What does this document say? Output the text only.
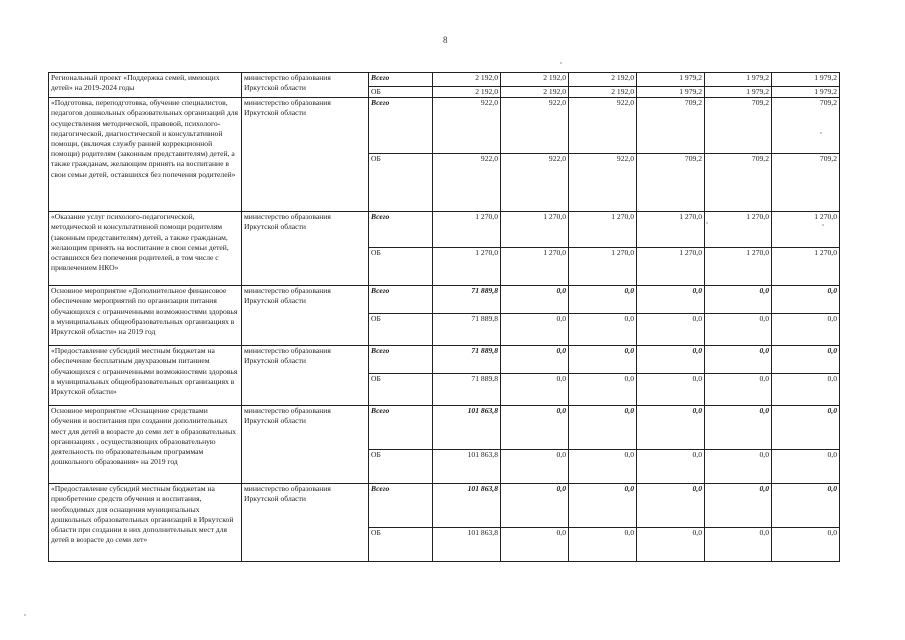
8
Региональный проект «Поддержка семей, имеющих детей» на 2019-2024 годы	министерство образования Иркутской области	Всего	2 192,0	2 192,0	2 192,0	1 979,2	1 979,2	1 979,2
		ОБ	2 192,0	2 192,0	2 192,0	1 979,2	1 979,2	1 979,2
«Подготовка, переподготовка, обучение специалистов, педагогов дошкольных образовательных организаций для осуществления методической, правовой, психолого-педагогической, диагностической и консультативной помощи, (включая службу ранней коррекционной помощи) родителям (законным представителям) детей, а также гражданам, желающим принять на воспитание в свои семьи детей, оставшихся без попечения родителей»	министерство образования Иркутской области	Всего	922,0	922,0	922,0	709,2	709,2	709,2
		ОБ	922,0	922,0	922,0	709,2	709,2	709,2
«Оказание услуг психолого-педагогической, методической и консультативной помощи родителям (законным представителям) детей, а также гражданам, желающим принять на воспитание в свои семьи детей, оставшихся без попечения родителей, в том числе с привлечением НКО»	министерство образования Иркутской области	Всего	1 270,0	1 270,0	1 270,0	1 270,0	1 270,0	1 270,0
		ОБ	1 270,0	1 270,0	1 270,0	1 270,0	1 270,0	1 270,0
Основное мероприятие «Дополнительное финансовое обеспечение мероприятий по организации питания обучающихся с ограниченными возможностями здоровья в муниципальных общеобразовательных организациях в Иркутской области» на 2019 год	министерство образования Иркутской области	Всего	71 889,8	0,0	0,0	0,0	0,0	0,0
		ОБ	71 889,8	0,0	0,0	0,0	0,0	0,0
«Предоставление субсидий местным бюджетам на обеспечение бесплатным двухразовым питанием обучающихся с ограниченными возможностями здоровья в муниципальных общеобразовательных организациях в Иркутской области»	министерство образования Иркутской области	Всего	71 889,8	0,0	0,0	0,0	0,0	0,0
		ОБ	71 889,8	0,0	0,0	0,0	0,0	0,0
Основное мероприятие «Оснащение средствами обучения и воспитания при создании дополнительных мест для детей в возрасте до семи лет в образовательных организациях , осуществляющих образовательную деятельность по образовательным программам дошкольного образования» на 2019 год	министерство образования Иркутской области	Всего	101 863,8	0,0	0,0	0,0	0,0	0,0
		ОБ	101 863,8	0,0	0,0	0,0	0,0	0,0
«Предоставление субсидий местным бюджетам на приобретение средств обучения и воспитания, необходимых для оснащения муниципальных дошкольных образовательных организаций в Иркутской области при создании в них дополнительных мест для детей в возрасте до семи лет»	министерство образования Иркутской области	Всего	101 863,8	0,0	0,0	0,0	0,0	0,0
		ОБ	101 863,8	0,0	0,0	0,0	0,0	0,0
